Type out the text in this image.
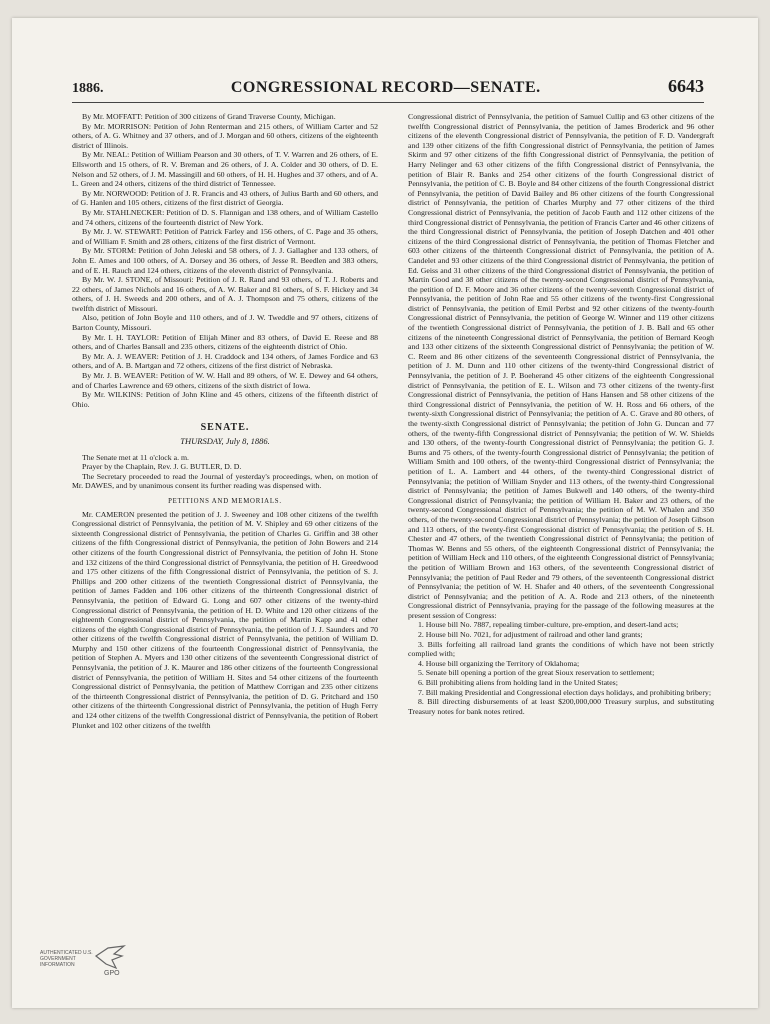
1886.	CONGRESSIONAL RECORD—SENATE.	6643

By Mr. MOFFATT: Petition of 300 citizens of Grand Traverse County, Michigan.

By Mr. MORRISON: Petition of John Renterman and 215 others, of William Carter and 52 others, of A. G. Whitney and 37 others, and of J. Morgan and 60 others, citizens of the eighteenth district of Illinois.

By Mr. NEAL: Petition of William Pearson and 30 others, of T. V. Warren and 26 others, of E. Ellsworth and 15 others, of R. V. Breman and 26 others, of J. A. Colder and 30 others, of D. E. Nelson and 52 others, of J. M. Massingill and 60 others, of H. H. Hughes and 37 others, and of A. L. Green and 24 others, citizens of the third district of Tennessee.

By Mr. NORWOOD: Petition of J. R. Francis and 43 others, of Julius Barth and 60 others, and of G. Hanlen and 105 others, citizens of the first district of Georgia.

By Mr. STAHLNECKER: Petition of D. S. Flannigan and 138 others, and of William Castello and 74 others, citizens of the fourteenth district of New York.

By Mr. J. W. STEWART: Petition of Patrick Farley and 156 others, of C. Page and 35 others, and of William F. Smith and 28 others, citizens of the first district of Vermont.

By Mr. STORM: Petition of John Jeleski and 58 others, of J. J. Gallagher and 133 others, of John E. Ames and 100 others, of A. Dorsey and 36 others, of Jesse R. Beedlen and 383 others, and of E. H. Rauch and 124 others, citizens of the eleventh district of Pennsylvania.

By Mr. W. J. STONE, of Missouri: Petition of J. R. Rand and 93 others, of T. J. Roberts and 22 others, of James Nichols and 16 others, of A. W. Baker and 81 others, of S. F. Hickey and 34 others, of J. H. Sweeds and 200 others, and of A. J. Thompson and 75 others, citizens of the twelfth district of Missouri.

Also, petition of John Boyle and 110 others, and of J. W. Tweddle and 97 others, citizens of Barton County, Missouri.

By Mr. I. H. TAYLOR: Petition of Elijah Miner and 83 others, of David E. Reese and 88 others, and of Charles Bansall and 235 others, citizens of the eighteenth district of Ohio.

By Mr. A. J. WEAVER: Petition of J. H. Craddock and 134 others, of James Fordice and 63 others, and of A. B. Martgan and 72 others, citizens of the first district of Nebraska.

By Mr. J. B. WEAVER: Petition of W. W. Hall and 89 others, of W. E. Dewey and 64 others, and of Charles Lawrence and 69 others, citizens of the sixth district of Iowa.

By Mr. WILKINS: Petition of John Kline and 45 others, citizens of the fifteenth district of Ohio.

SENATE.
THURSDAY, July 8, 1886.

The Senate met at 11 o'clock a. m.

Prayer by the Chaplain, Rev. J. G. BUTLER, D. D.

The Secretary proceeded to read the Journal of yesterday's proceedings, when, on motion of Mr. DAWES, and by unanimous consent its further reading was dispensed with.

PETITIONS AND MEMORIALS.

Mr. CAMERON presented the petition of J. J. Sweeney and 108 other citizens of the twelfth Congressional district of Pennsylvania, the petition of M. V. Shipley and 69 other citizens of the sixteenth Congressional district of Pennsylvania, the petition of Charles G. Griffin and 38 other citizens of the fifth Congressional district of Pennsylvania, the petition of John Bowers and 214 other citizens of the fourth Congressional district of Pennsylvania, the petition of John H. Stone and 132 citizens of the third Congressional district of Pennsylvania, the petition of H. Greedwood and 175 other citizens of the fifth Congressional district of Pennsylvania, the petition of S. J. Phillips and 200 other citizens of the twentieth Congressional district of Pennsylvania, the petition of James Fadden and 106 other citizens of the thirteenth Congressional district of Pennsylvania, the petition of Edward G. Long and 607 other citizens of the twenty-third Congressional district of Pennsylvania, the petition of H. D. White and 120 other citizens of the eighteenth Congressional district of Pennsylvania, the petition of Martin Kapp and 41 other citizens of the eighth Congressional district of Pennsylvania, the petition of J. J. Saunders and 70 other citizens of the twelfth Congressional district of Pennsylvania, the petition of William D. Murphy and 150 other citizens of the fourteenth Congressional district of Pennsylvania, the petition of Stephen A. Myers and 130 other citizens of the seventeenth Congressional district of Pennsylvania, the petition of J. K. Maurer and 186 other citizens of the fourteenth Congressional district of Pennsylvania, the petition of William H. Sites and 54 other citizens of the fourteenth Congressional district of Pennsylvania, the petition of Matthew Corrigan and 235 other citizens of the thirteenth Congressional district of Pennsylvania, the petition of D. G. Pritchard and 150 other citizens of the thirteenth Congressional district of Pennsylvania, the petition of Hugh Ferry and 124 other citizens of the twelfth Congressional district of Pennsylvania, the petition of Robert Plunket and 102 other citizens of the twelfth

Congressional district of Pennsylvania, the petition of Samuel Cullip and 63 other citizens of the twelfth Congressional district of Pennsylvania, the petition of James Broderick and 96 other citizens of the eleventh Congressional district of Pennsylvania, the petition of F. D. Vandergraft and 139 other citizens of the fifth Congressional district of Pennsylvania, the petition of James Skirm and 97 other citizens of the fifth Congressional district of Pennsylvania, the petition of Harry Nelinger and 63 other citizens of the fifth Congressional district of Pennsylvania, the petition of Blair R. Banks and 254 other citizens of the fourth Congressional district of Pennsylvania, the petition of C. B. Boyle and 84 other citizens of the fourth Congressional district of Pennsylvania, the petition of David Bailey and 86 other citizens of the fourth Congressional district of Pennsylvania, the petition of Charles Murphy and 77 other citizens of the third Congressional district of Pennsylvania, the petition of Jacob Fauth and 112 other citizens of the third Congressional district of Pennsylvania, the petition of Francis Carter and 46 other citizens of the third Congressional district of Pennsylvania, the petition of Joseph Datchen and 401 other citizens of the third Congressional district of Pennsylvania, the petition of Thomas Fletcher and 603 other citizens of the thirteenth Congressional district of Pennsylvania, the petition of A. Candelet and 93 other citizens of the third Congressional district of Pennsylvania, the petition of Ed. Geiss and 31 other citizens of the third Congressional district of Pennsylvania, the petition of Martin Good and 38 other citizens of the twenty-second Congressional district of Pennsylvania, the petition of D. F. Moore and 36 other citizens of the twenty-seventh Congressional district of Pennsylvania, the petition of John Rae and 55 other citizens of the twenty-first Congressional district of Pennsylvania, the petition of Emil Perbst and 92 other citizens of the twenty-fourth Congressional district of Pennsylvania, the petition of George W. Winner and 119 other citizens of the twentieth Congressional district of Pennsylvania, the petition of J. B. Ball and 65 other citizens of the nineteenth Congressional district of Pennsylvania, the petition of Bernard Keogh and 133 other citizens of the sixteenth Congressional district of Pennsylvania; the petition of W. C. Reem and 86 other citizens of the seventeenth Congressional district of Pennsylvania, the petition of J. M. Dunn and 110 other citizens of the twenty-third Congressional district of Pennsylvania, the petition of J. P. Boeherand 45 other citizens of the eighteenth Congressional district of Pennsylvania, the petition of E. L. Wilson and 73 other citizens of the twenty-first Congressional district of Pennsylvania, the petition of Hans Hansen and 58 other citizens of the third Congressional district of Pennsylvania, the petition of W. H. Ross and 66 others, of the twenty-sixth Congressional district of Pennsylvania; the petition of A. C. Grave and 80 others, of the twenty-sixth Congressional district of Pennsylvania; the petition of John G. Duncan and 77 others, of the twenty-fifth Congressional district of Pennsylvania; the petition of W. W. Shields and 130 others, of the twenty-fourth Congressional district of Pennsylvania; the petition G. J. Burns and 75 others, of the twenty-fourth Congressional district of Pennsylvania; the petition of William Smith and 100 others, of the twenty-third Congressional district of Pennsylvania; the petition of L. A. Lambert and 44 others, of the twenty-third Congressional district of Pennsylvania; the petition of William Snyder and 113 others, of the twenty-third Congressional district of Pennsylvania; the petition of James Bukwell and 140 others, of the twenty-third Congressional district of Pennsylvania; the petition of William H. Baker and 23 others, of the twenty-second Congressional district of Pennsylvania; the petition of M. W. Whalen and 350 others, of the twenty-second Congressional district of Pennsylvania; the petition of Joseph Gibson and 113 others, of the twenty-first Congressional district of Pennsylvania; the petition of S. H. Chester and 47 others, of the twentieth Congressional district of Pennsylvania; the petition of Thomas W. Benns and 55 others, of the eighteenth Congressional district of Pennsylvania; the petition of William Heck and 110 others, of the eighteenth Congressional district of Pennsylvania; the petition of William Brown and 163 others, of the seventeenth Congressional district of Pennsylvania; the petition of Paul Reder and 79 others, of the seventeenth Congressional district of Pennsylvania; the petition of W. H. Shafer and 40 others, of the seventeenth Congressional district of Pennsylvania; and the petition of A. A. Rode and 213 others, of the nineteenth Congressional district of Pennsylvania, praying for the passage of the following measures at the present session of Congress:

1. House bill No. 7887, repealing timber-culture, pre-emption, and desert-land acts;

2. House bill No. 7021, for adjustment of railroad and other land grants;

3. Bills forfeiting all railroad land grants the conditions of which have not been strictly complied with;

4. House bill organizing the Territory of Oklahoma;

5. Senate bill opening a portion of the great Sioux reservation to settlement;

6. Bill prohibiting aliens from holding land in the United States;

7. Bill making Presidential and Congressional election days holidays, and prohibiting bribery;

8. Bill directing disbursements of at least $200,000,000 Treasury surplus, and substituting Treasury notes for bank notes retired.

AUTHENTICATED U.S. GOVERNMENT INFORMATION
GPO
